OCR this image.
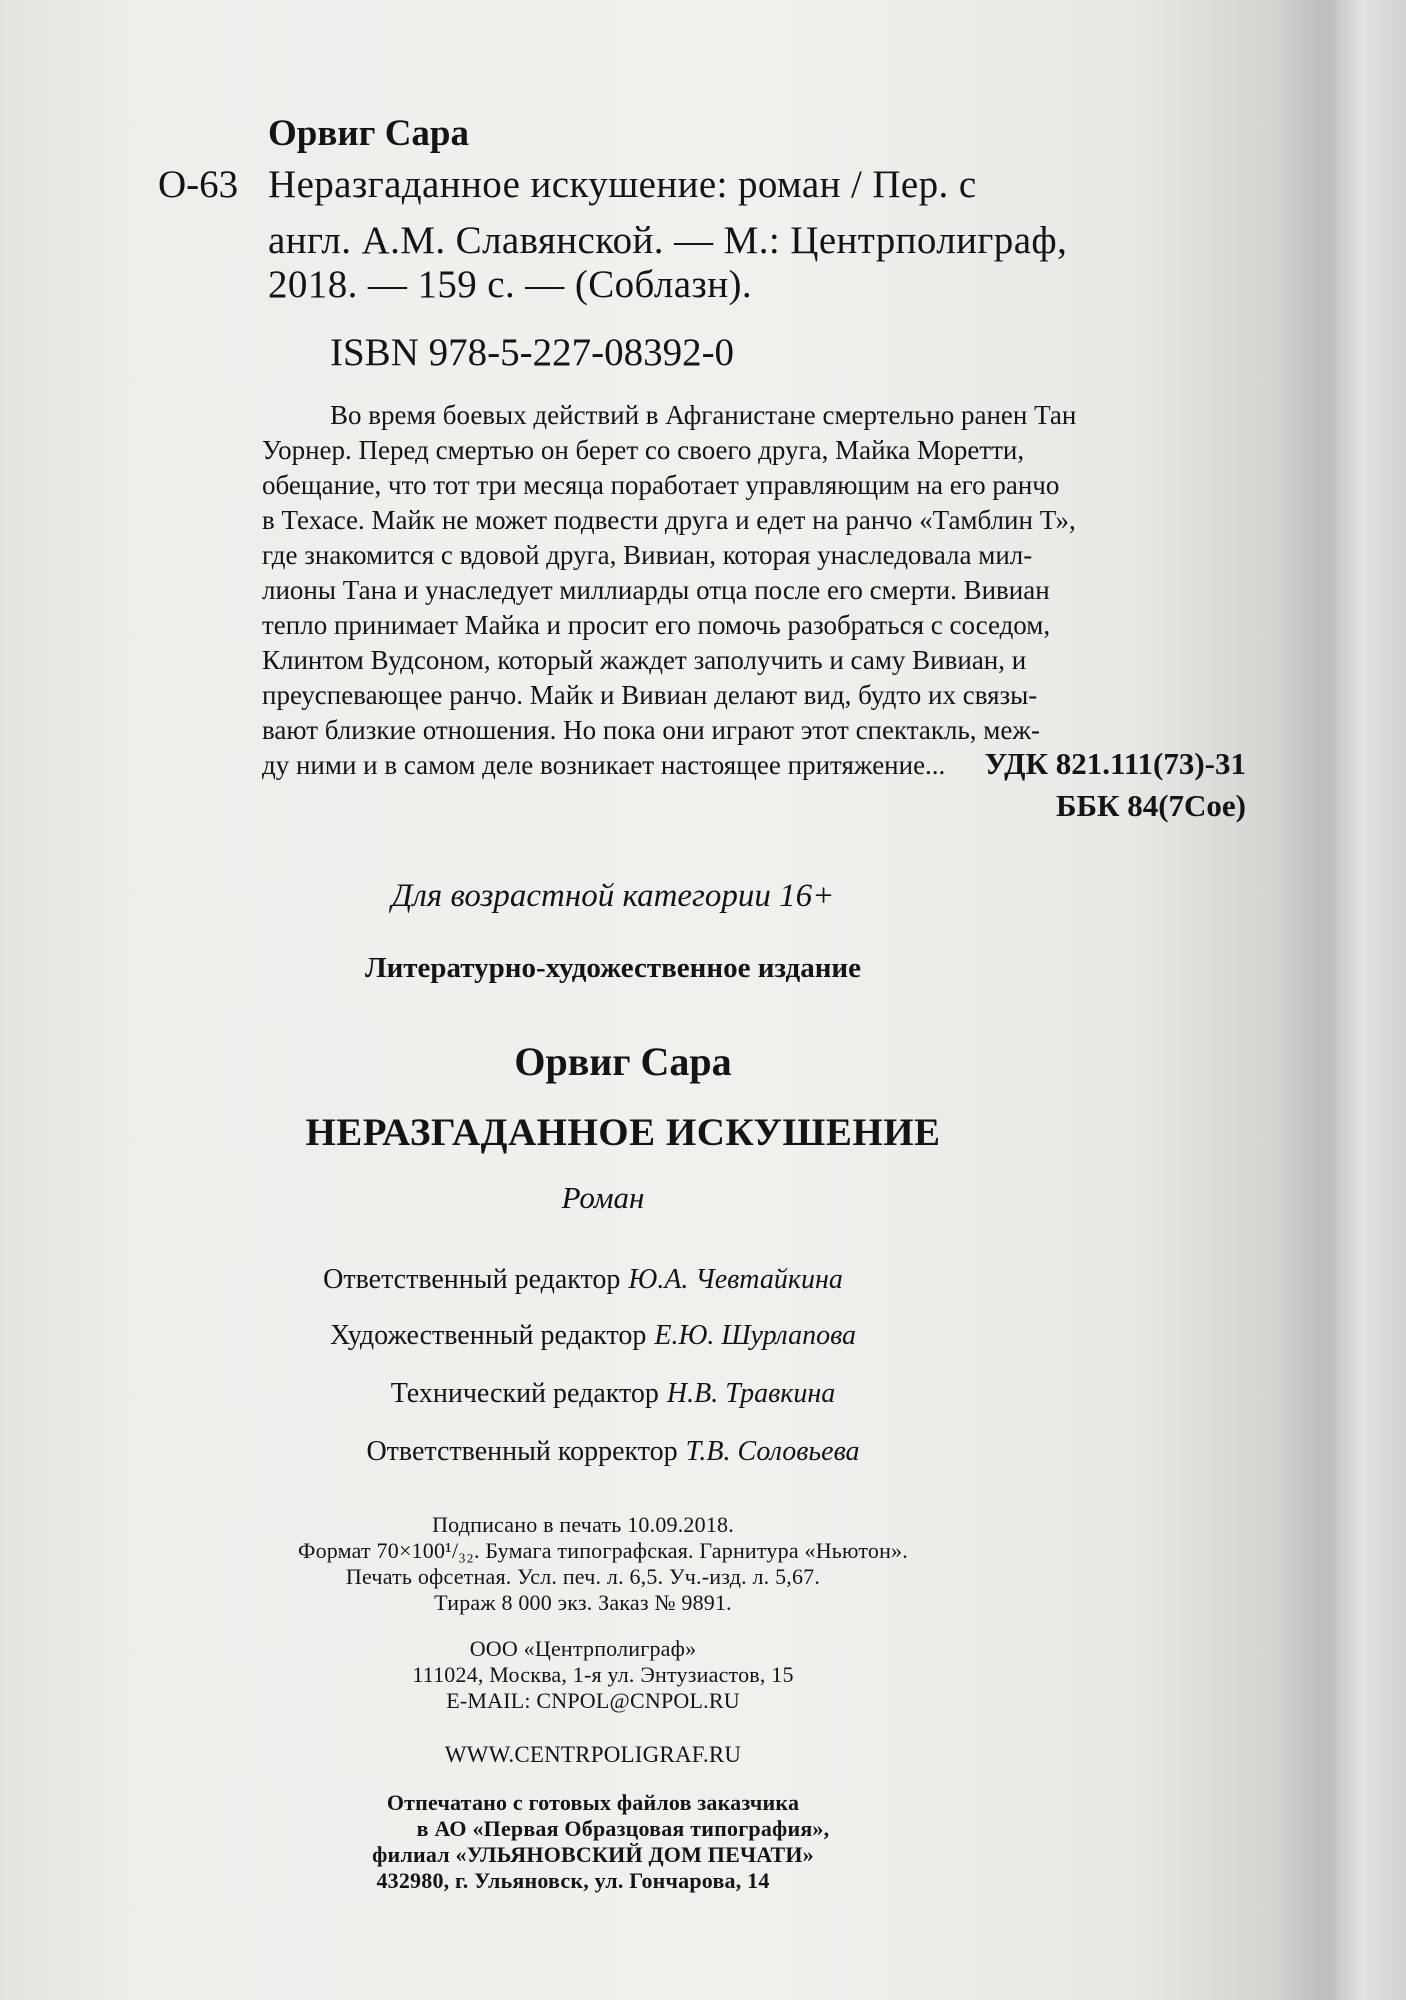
Орвиг Сара
О-63 Неразгаданное искушение: роман / Пер. с
англ. А.М. Славянской. — М.: Центрполиграф,
2018. — 159 с. — (Соблазн).
ISBN 978-5-227-08392-0
Во время боевых действий в Афганистане смертельно ранен Тан
Уорнер. Перед смертью он берет со своего друга, Майка Моретти,
обещание, что тот три месяца поработает управляющим на его ранчо
в Техасе. Майк не может подвести друга и едет на ранчо «Тамблин Т»,
где знакомится с вдовой друга, Вивиан, которая унаследовала мил-
лионы Тана и унаследует миллиарды отца после его смерти. Вивиан
тепло принимает Майка и просит его помочь разобраться с соседом,
Клинтом Вудсоном, который жаждет заполучить и саму Вивиан, и
преуспевающее ранчо. Майк и Вивиан делают вид, будто их связы-
вают близкие отношения. Но пока они играют этот спектакль, меж-
ду ними и в самом деле возникает настоящее притяжение...	УДК 821.111(73)-31
ББК 84(7Сое)
Для возрастной категории 16+
Литературно-художественное издание
Орвиг Сара
НЕРАЗГАДАННОЕ ИСКУШЕНИЕ
Роман
Ответственный редактор Ю.А. Чевтайкина
Художественный редактор Е.Ю. Шурлапова
Технический редактор Н.В. Травкина
Ответственный корректор Т.В. Соловьева
Подписано в печать 10.09.2018.
Формат 70×100¹/₃₂. Бумага типографская. Гарнитура «Ньютон».
Печать офсетная. Усл. печ. л. 6,5. Уч.-изд. л. 5,67.
Тираж 8 000 экз. Заказ № 9891.
ООО «Центрполиграф»
111024, Москва, 1-я ул. Энтузиастов, 15
E-MAIL: CNPOL@CNPOL.RU
WWW.CENTRPOLIGRAF.RU
Отпечатано с готовых файлов заказчика
в АО «Первая Образцовая типография»,
филиал «УЛЬЯНОВСКИЙ ДОМ ПЕЧАТИ»
432980, г. Ульяновск, ул. Гончарова, 14
